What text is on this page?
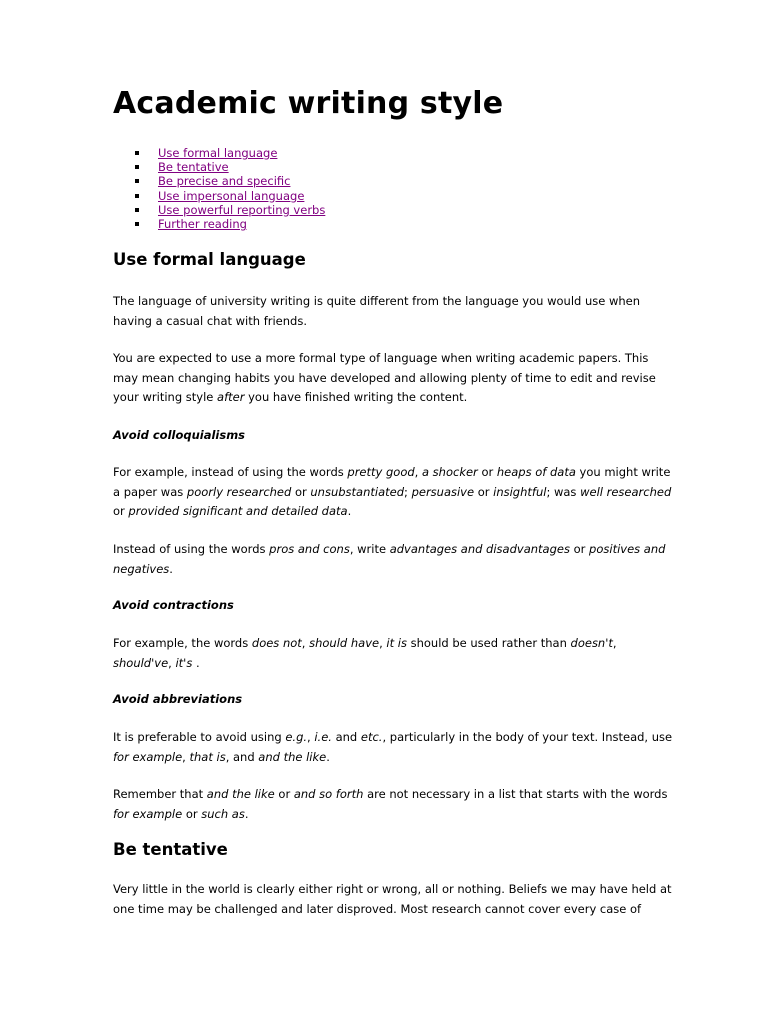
Academic writing style
Use formal language
Be tentative
Be precise and specific
Use impersonal language
Use powerful reporting verbs
Further reading
Use formal language

The language of university writing is quite different from the language you would use when having a casual chat with friends.

You are expected to use a more formal type of language when writing academic papers. This may mean changing habits you have developed and allowing plenty of time to edit and revise your writing style after you have finished writing the content.

Avoid colloquialisms

For example, instead of using the words pretty good, a shocker or heaps of data you might write a paper was poorly researched or unsubstantiated; persuasive or insightful; was well researched or provided significant and detailed data.

Instead of using the words pros and cons, write advantages and disadvantages or positives and negatives.

Avoid contractions

For example, the words does not, should have, it is should be used rather than doesn't, should've, it's .

Avoid abbreviations

It is preferable to avoid using e.g., i.e. and etc., particularly in the body of your text. Instead, use for example, that is, and and the like.

Remember that and the like or and so forth are not necessary in a list that starts with the words for example or such as.

Be tentative

Very little in the world is clearly either right or wrong, all or nothing. Beliefs we may have held at one time may be challenged and later disproved. Most research cannot cover every case of
